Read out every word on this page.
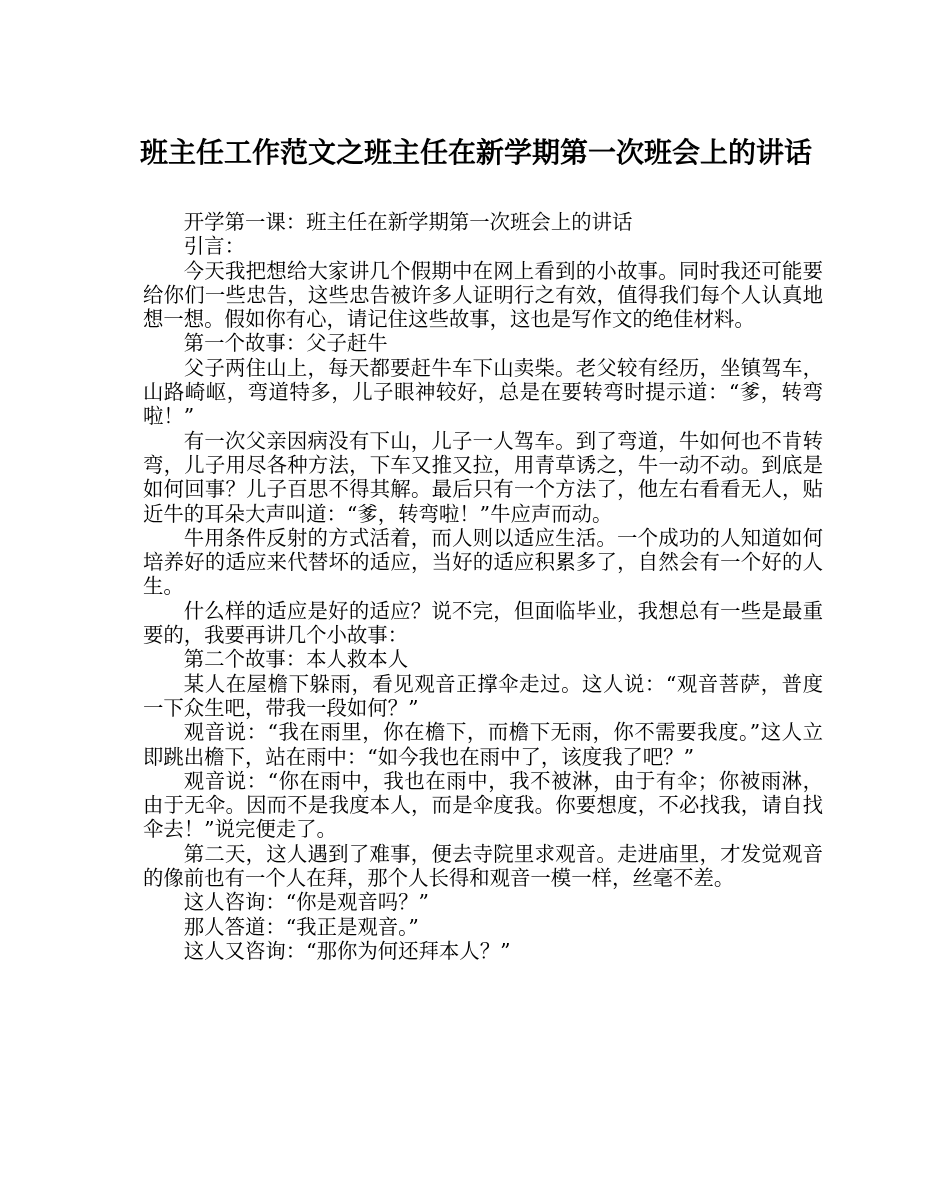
班主任工作范文之班主任在新学期第一次班会上的讲话

开学第一课：班主任在新学期第一次班会上的讲话

引言：

今天我把想给大家讲几个假期中在网上看到的小故事。同时我还可能要给你们一些忠告，这些忠告被许多人证明行之有效，值得我们每个人认真地想一想。假如你有心，请记住这些故事，这也是写作文的绝佳材料。

第一个故事：父子赶牛

父子两住山上，每天都要赶牛车下山卖柴。老父较有经历，坐镇驾车，山路崎岖，弯道特多，儿子眼神较好，总是在要转弯时提示道：“爹，转弯啦！”

有一次父亲因病没有下山，儿子一人驾车。到了弯道，牛如何也不肯转弯，儿子用尽各种方法，下车又推又拉，用青草诱之，牛一动不动。到底是如何回事？儿子百思不得其解。最后只有一个方法了，他左右看看无人，贴近牛的耳朵大声叫道：“爹，转弯啦！”牛应声而动。

牛用条件反射的方式活着，而人则以适应生活。一个成功的人知道如何培养好的适应来代替坏的适应，当好的适应积累多了，自然会有一个好的人生。

什么样的适应是好的适应？说不完，但面临毕业，我想总有一些是最重要的，我要再讲几个小故事：

第二个故事：本人救本人

某人在屋檐下躲雨，看见观音正撑伞走过。这人说：“观音菩萨，普度一下众生吧，带我一段如何？”

观音说：“我在雨里，你在檐下，而檐下无雨，你不需要我度。”这人立即跳出檐下，站在雨中：“如今我也在雨中了，该度我了吧？”

观音说：“你在雨中，我也在雨中，我不被淋，由于有伞；你被雨淋，由于无伞。因而不是我度本人，而是伞度我。你要想度，不必找我，请自找伞去！”说完便走了。

第二天，这人遇到了难事，便去寺院里求观音。走进庙里，才发觉观音的像前也有一个人在拜，那个人长得和观音一模一样，丝毫不差。

这人咨询：“你是观音吗？”

那人答道：“我正是观音。”

这人又咨询：“那你为何还拜本人？”
